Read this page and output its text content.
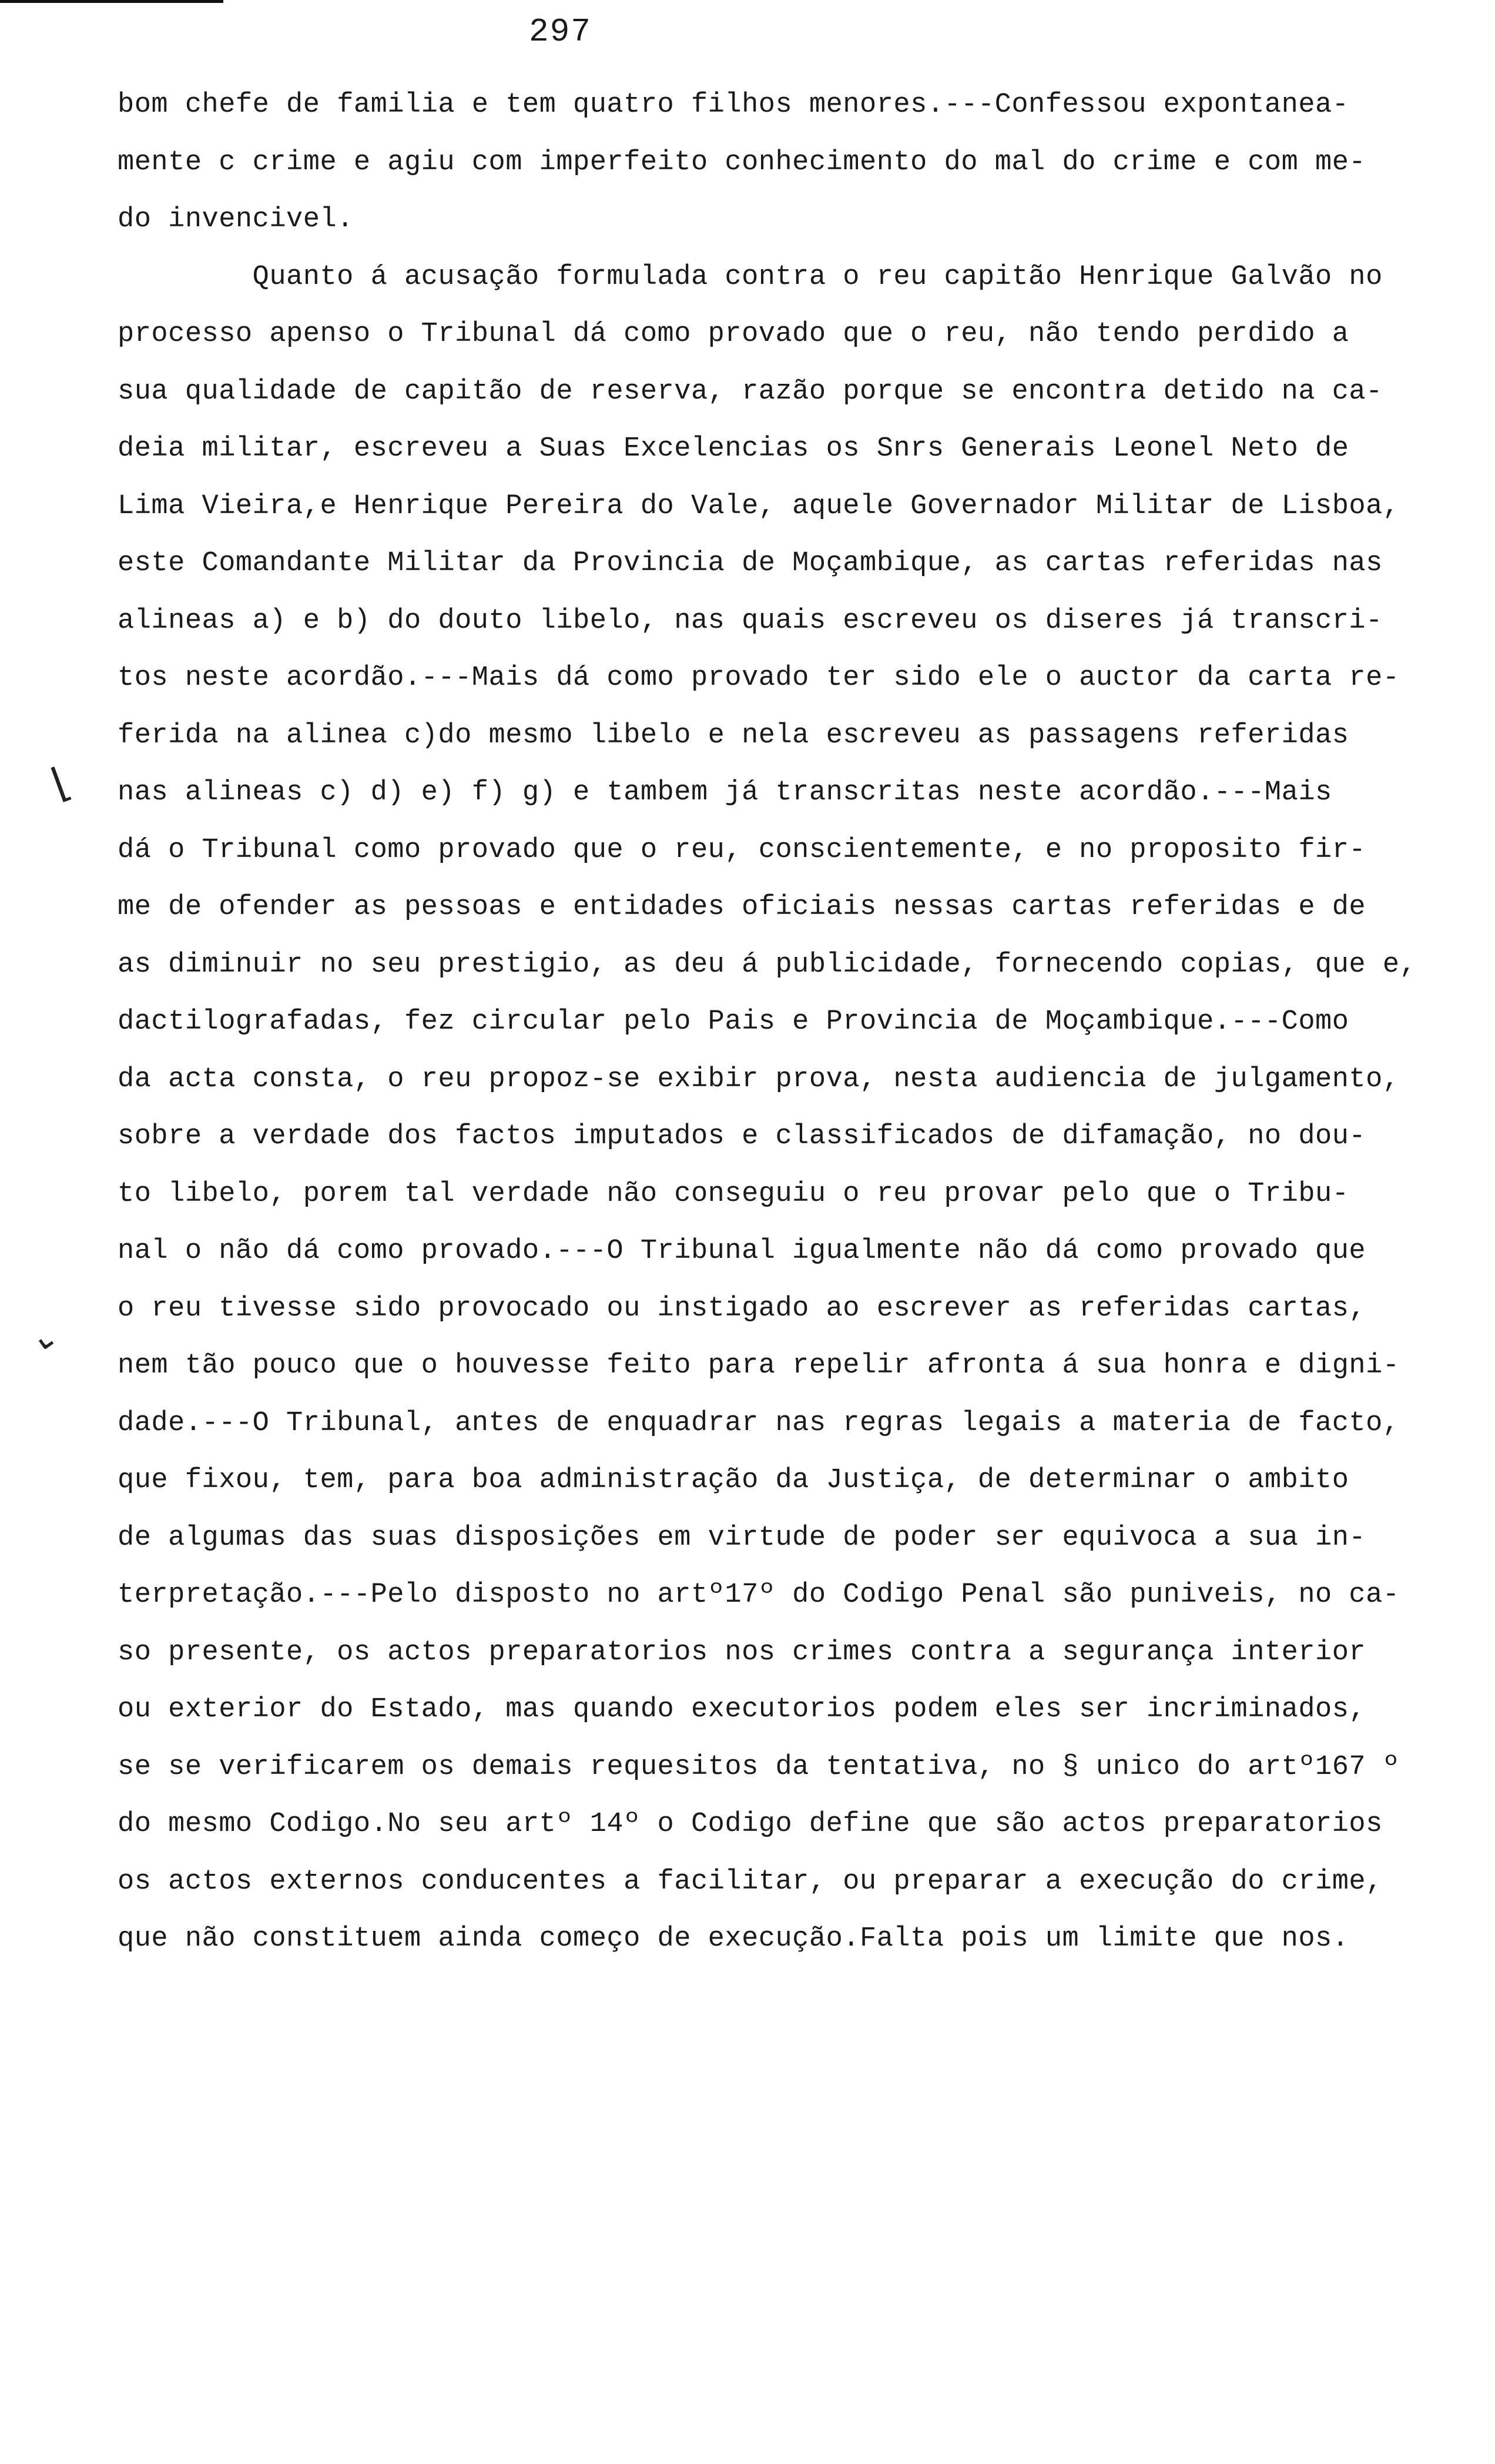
297
bom chefe de familia e tem quatro filhos menores.---Confessou expontanea-
mente c crime e agiu com imperfeito conhecimento do mal do crime e com me-
do invencivel.
Quanto á acusação formulada contra o reu capitão Henrique Galvão no
processo apenso o Tribunal dá como provado que o reu, não tendo perdido a
sua qualidade de capitão de reserva, razão porque se encontra detido na ca-
deia militar, escreveu a Suas Excelencias os Snrs Generais Leonel Neto de
Lima Vieira,e Henrique Pereira do Vale, aquele Governador Militar de Lisboa,
este Comandante Militar da Provincia de Moçambique, as cartas referidas nas
alineas a) e b) do douto libelo, nas quais escreveu os diseres já transcri-
tos neste acordão.---Mais dá como provado ter sido ele o auctor da carta re-
ferida na alinea c)do mesmo libelo e nela escreveu as passagens referidas
nas alineas c) d) e) f) g) e tambem já transcritas neste acordão.---Mais
dá o Tribunal como provado que o reu, conscientemente, e no proposito fir-
me de ofender as pessoas e entidades oficiais nessas cartas referidas e de
as diminuir no seu prestigio, as deu á publicidade, fornecendo copias, que e,
dactilografadas, fez circular pelo Pais e Provincia de Moçambique.---Como
da acta consta, o reu propoz-se exibir prova, nesta audiencia de julgamento,
sobre a verdade dos factos imputados e classificados de difamação, no dou-
to libelo, porem tal verdade não conseguiu o reu provar pelo que o Tribu-
nal o não dá como provado.---O Tribunal igualmente não dá como provado que
o reu tivesse sido provocado ou instigado ao escrever as referidas cartas,
nem tão pouco que o houvesse feito para repelir afronta á sua honra e digni-
dade.---O Tribunal, antes de enquadrar nas regras legais a materia de facto,
que fixou, tem, para boa administração da Justiça, de determinar o ambito
de algumas das suas disposições em virtude de poder ser equivoca a sua in-
terpretação.---Pelo disposto no artº17º do Codigo Penal são puniveis, no ca-
so presente, os actos preparatorios nos crimes contra a segurança interior
ou exterior do Estado, mas quando executorios podem eles ser incriminados,
se se verificarem os demais requesitos da tentativa, no § unico do artº167 º
do mesmo Codigo.No seu artº 14º o Codigo define que são actos preparatorios
os actos externos conducentes a facilitar, ou preparar a execução do crime,
que não constituem ainda começo de execução.Falta pois um limite que nos.
⌊
⌄
